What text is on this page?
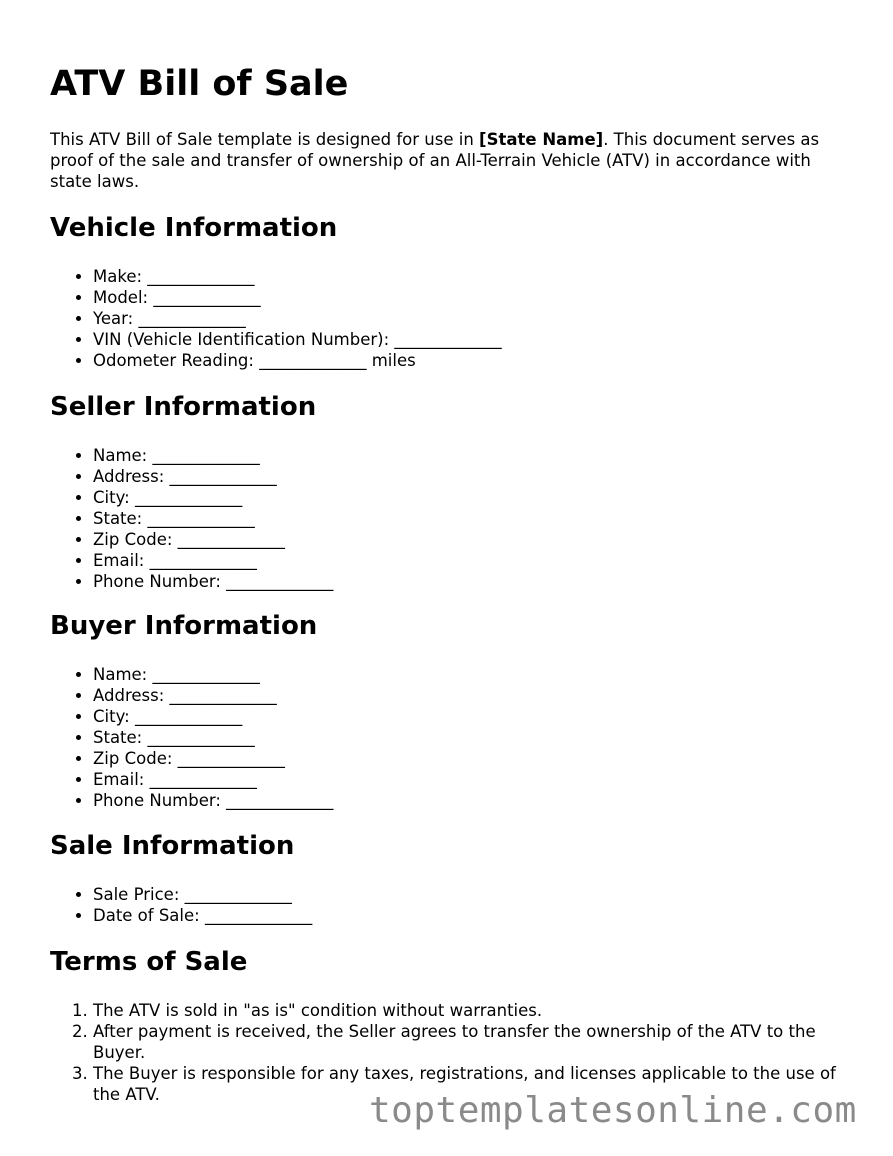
ATV Bill of Sale

This ATV Bill of Sale template is designed for use in [State Name]. This document serves as proof of the sale and transfer of ownership of an All-Terrain Vehicle (ATV) in accordance with state laws.

Vehicle Information
• Make: _____________
• Model: _____________
• Year: _____________
• VIN (Vehicle Identification Number): _____________
• Odometer Reading: _____________ miles
Seller Information
• Name: _____________
• Address: _____________
• City: _____________
• State: _____________
• Zip Code: _____________
• Email: _____________
• Phone Number: _____________
Buyer Information
• Name: _____________
• Address: _____________
• City: _____________
• State: _____________
• Zip Code: _____________
• Email: _____________
• Phone Number: _____________
Sale Information
• Sale Price: _____________
• Date of Sale: _____________
Terms of Sale
1. The ATV is sold in "as is" condition without warranties.
2. After payment is received, the Seller agrees to transfer the ownership of the ATV to the Buyer.
3. The Buyer is responsible for any taxes, registrations, and licenses applicable to the use of the ATV.	toptemplatesonline.com
